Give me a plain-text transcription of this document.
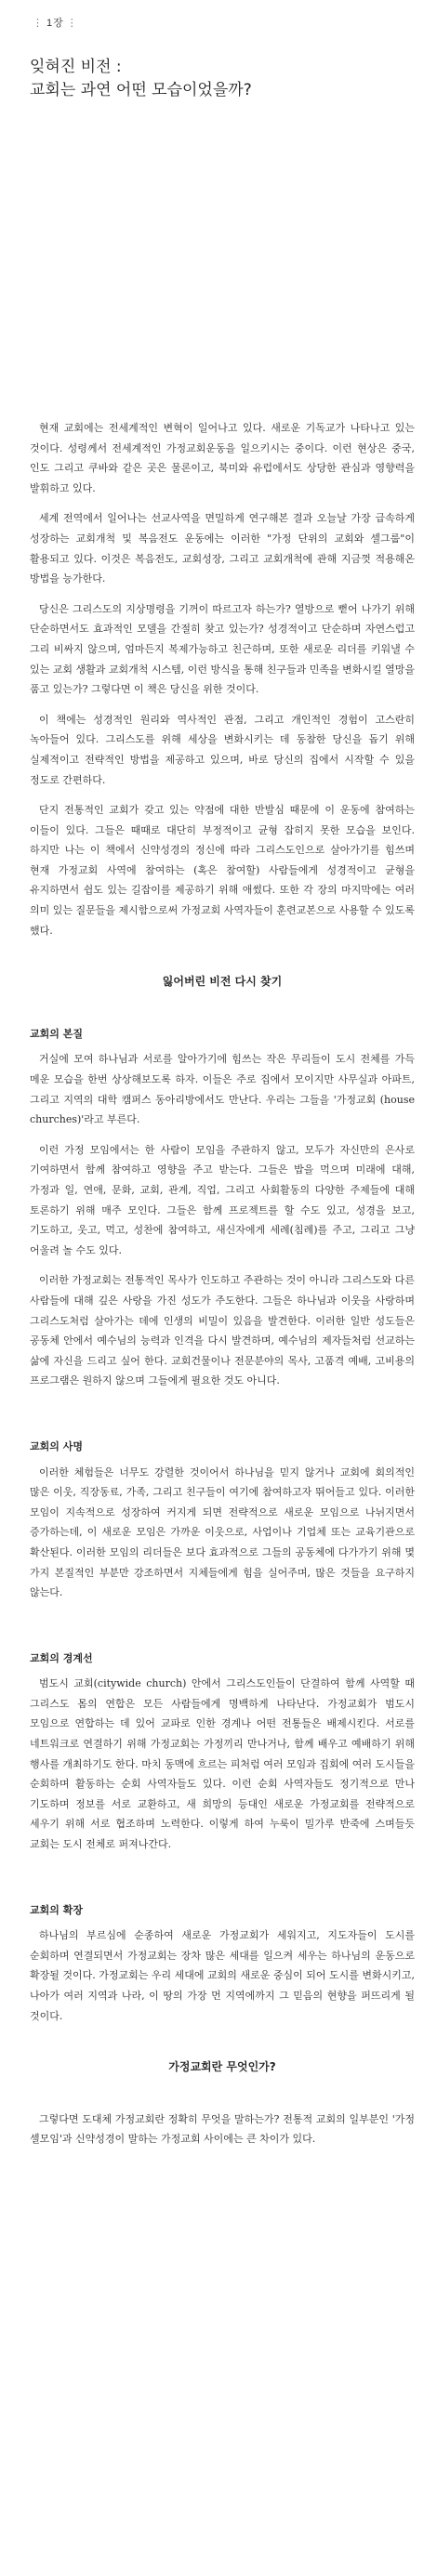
⋮ 1장 ⋮
잊혀진 비전 :
교회는 과연 어떤 모습이었을까?

현재 교회에는 전세계적인 변혁이 일어나고 있다. 새로운 기독교가 나타나고 있는 것이다. 성령께서 전세계적인 가정교회운동을 일으키시는 중이다. 이런 현상은 중국, 인도 그리고 쿠바와 같은 곳은 물론이고, 북미와 유럽에서도 상당한 관심과 영향력을 발휘하고 있다.

세계 전역에서 일어나는 선교사역을 면밀하게 연구해본 결과 오늘날 가장 급속하게 성장하는 교회개척 및 복음전도 운동에는 이러한 "가정 단위의 교회와 셀그룹"이 활용되고 있다. 이것은 복음전도, 교회성장, 그리고 교회개척에 관해 지금껏 적용해온 방법을 능가한다.

당신은 그리스도의 지상명령을 기꺼이 따르고자 하는가? 열방으로 뻗어 나가기 위해 단순하면서도 효과적인 모델을 간절히 찾고 있는가? 성경적이고 단순하며 자연스럽고 그리 비싸지 않으며, 엄마든지 복제가능하고 친근하며, 또한 새로운 리더를 키워낼 수 있는 교회 생활과 교회개척 시스템, 이런 방식을 통해 친구들과 민족을 변화시킬 열망을 품고 있는가? 그렇다면 이 책은 당신을 위한 것이다.

이 책에는 성경적인 원리와 역사적인 관점, 그리고 개인적인 경험이 고스란히 녹아들어 있다. 그리스도를 위해 세상을 변화시키는 데 동참한 당신을 돕기 위해 실제적이고 전략적인 방법을 제공하고 있으며, 바로 당신의 집에서 시작할 수 있을 정도로 간편하다.

단지 전통적인 교회가 갖고 있는 약점에 대한 반발심 때문에 이 운동에 참여하는 이들이 있다. 그들은 때때로 대단히 부정적이고 균형 잡히지 못한 모습을 보인다. 하지만 나는 이 책에서 신약성경의 정신에 따라 그리스도인으로 살아가기를 힘쓰며 현재 가정교회 사역에 참여하는 (혹은 참여할) 사람들에게 성경적이고 균형을 유지하면서 쉽도 있는 길잡이를 제공하기 위해 애썼다. 또한 각 장의 마지막에는 여러 의미 있는 질문들을 제시함으로써 가정교회 사역자들이 훈련교본으로 사용할 수 있도록 했다.

잃어버린 비전 다시 찾기
교회의 본질

거실에 모여 하나님과 서로를 알아가기에 힘쓰는 작은 무리들이 도시 전체를 가득 메운 모습을 한번 상상해보도록 하자. 이들은 주로 집에서 모이지만 사무실과 아파트, 그리고 지역의 대학 캠퍼스 동아리방에서도 만난다. 우리는 그들을 '가정교회 (house churches)'라고 부른다.

이런 가정 모임에서는 한 사람이 모임을 주관하지 않고, 모두가 자신만의 은사로 기여하면서 함께 참여하고 영향을 주고 받는다. 그들은 밥을 먹으며 미래에 대해, 가정과 일, 연애, 문화, 교회, 관계, 직업, 그리고 사회활동의 다양한 주제들에 대해 토론하기 위해 매주 모인다. 그들은 함께 프로젝트를 할 수도 있고, 성경을 보고, 기도하고, 웃고, 먹고, 성찬에 참여하고, 새신자에게 세례(침례)를 주고, 그리고 그냥 어울려 놀 수도 있다.

이러한 가정교회는 전통적인 목사가 인도하고 주관하는 것이 아니라 그리스도와 다른 사람들에 대해 깊은 사랑을 가진 성도가 주도한다. 그들은 하나님과 이웃을 사랑하며 그리스도처럼 살아가는 데에 인생의 비밀이 있음을 발견한다. 이러한 일반 성도들은 공동체 안에서 예수님의 능력과 인격을 다시 발견하며, 예수님의 제자들처럼 선교하는 삶에 자신을 드리고 싶어 한다. 교회건물이나 전문분야의 목사, 고품격 예배, 고비용의 프로그램은 원하지 않으며 그들에게 필요한 것도 아니다.

교회의 사명

이러한 체험들은 너무도 강렬한 것이어서 하나님을 믿지 않거나 교회에 회의적인 많은 이웃, 직장동료, 가족, 그리고 친구들이 여기에 참여하고자 뛰어들고 있다. 이러한 모임이 지속적으로 성장하여 커지게 되면 전략적으로 새로운 모임으로 나뉘지면서 증가하는데, 이 새로운 모임은 가까운 이웃으로, 사업이나 기업체 또는 교육기관으로 확산된다. 이러한 모임의 리더들은 보다 효과적으로 그들의 공동체에 다가가기 위해 몇 가지 본질적인 부분만 강조하면서 지체들에게 힘을 실어주며, 많은 것들을 요구하지 않는다.

교회의 경계선

범도시 교회(citywide church) 안에서 그리스도인들이 단결하여 함께 사역할 때 그리스도 몸의 연합은 모든 사람들에게 명백하게 나타난다. 가정교회가 범도시 모임으로 연합하는 데 있어 교파로 인한 경계나 어떤 전통들은 배제시킨다. 서로를 네트워크로 연결하기 위해 가정교회는 가정끼리 만나거나, 함께 배우고 예배하기 위해 행사를 개최하기도 한다. 마치 동맥에 흐르는 피처럼 여러 모임과 집회에 여러 도시들을 순회하며 활동하는 순회 사역자들도 있다. 이런 순회 사역자들도 정기적으로 만나 기도하며 정보를 서로 교환하고, 새 희망의 등대인 새로운 가정교회를 전략적으로 세우기 위해 서로 협조하며 노력한다. 이렇게 하여 누룩이 밀가루 반죽에 스며들듯 교회는 도시 전체로 퍼져나간다.

교회의 확장

하나님의 부르심에 순종하여 새로운 가정교회가 세워지고, 지도자들이 도시를 순회하며 연결되면서 가정교회는 장차 많은 세대를 일으켜 세우는 하나님의 운동으로 확장될 것이다. 가정교회는 우리 세대에 교회의 새로운 중심이 되어 도시를 변화시키고, 나아가 여러 지역과 나라, 이 땅의 가장 먼 지역에까지 그 믿음의 현향을 퍼뜨리게 될 것이다.

가정교회란 무엇인가?

그렇다면 도대체 가정교회란 정확히 무엇을 말하는가? 전통적 교회의 일부분인 '가정 셀모임'과 신약성경이 말하는 가정교회 사이에는 큰 차이가 있다.
